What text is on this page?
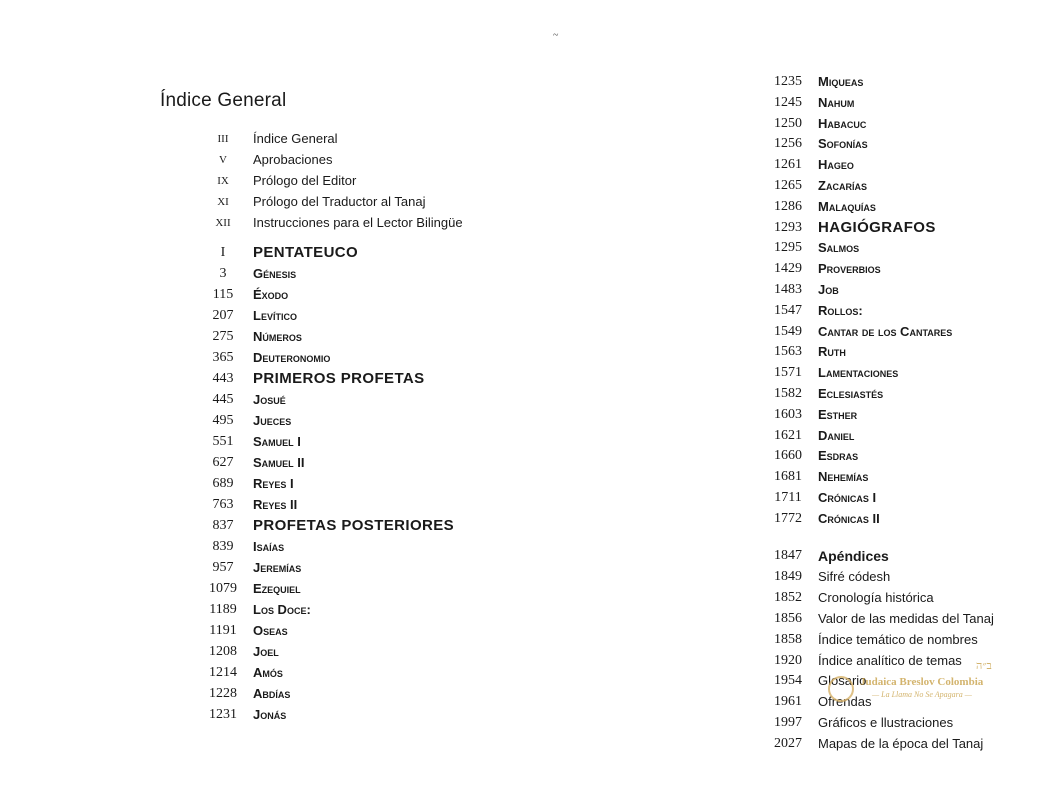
~
Índice General
III	Índice General
V	Aprobaciones
IX	Prólogo del Editor
XI	Prólogo del Traductor al Tanaj
XII	Instrucciones para el Lector Bilingüe
I	PENTATEUCO
3	Génesis
115	Éxodo
207	Levítico
275	Números
365	Deuteronomio
443	PRIMEROS PROFETAS
445	Josué
495	Jueces
551	Samuel I
627	Samuel II
689	Reyes I
763	Reyes II
837	PROFETAS POSTERIORES
839	Isaías
957	Jeremías
1079	Ezequiel
1189	Los Doce:
1191	Oseas
1208	Joel
1214	Amós
1228	Abdías
1231	Jonás
1235	Miqueas
1245	Nahum
1250	Habacuc
1256	Sofonías
1261	Hageo
1265	Zacarías
1286	Malaquías
1293	HAGIÓGRAFOS
1295	Salmos
1429	Proverbios
1483	Job
1547	Rollos:
1549	Cantar de los Cantares
1563	Ruth
1571	Lamentaciones
1582	Eclesiastés
1603	Esther
1621	Daniel
1660	Esdras
1681	Nehemías
1711	Crónicas I
1772	Crónicas II
1847	Apéndices
1849	Sifré códesh
1852	Cronología histórica
1856	Valor de las medidas del Tanaj
1858	Índice temático de nombres
1920	Índice analítico de temas
1954	Glosario
1961	Ofrendas
1997	Gráficos e llustraciones
2027	Mapas de la época del Tanaj
ב״ה
Judaica Breslov Colombia
— La Llama No Se Apagara —
